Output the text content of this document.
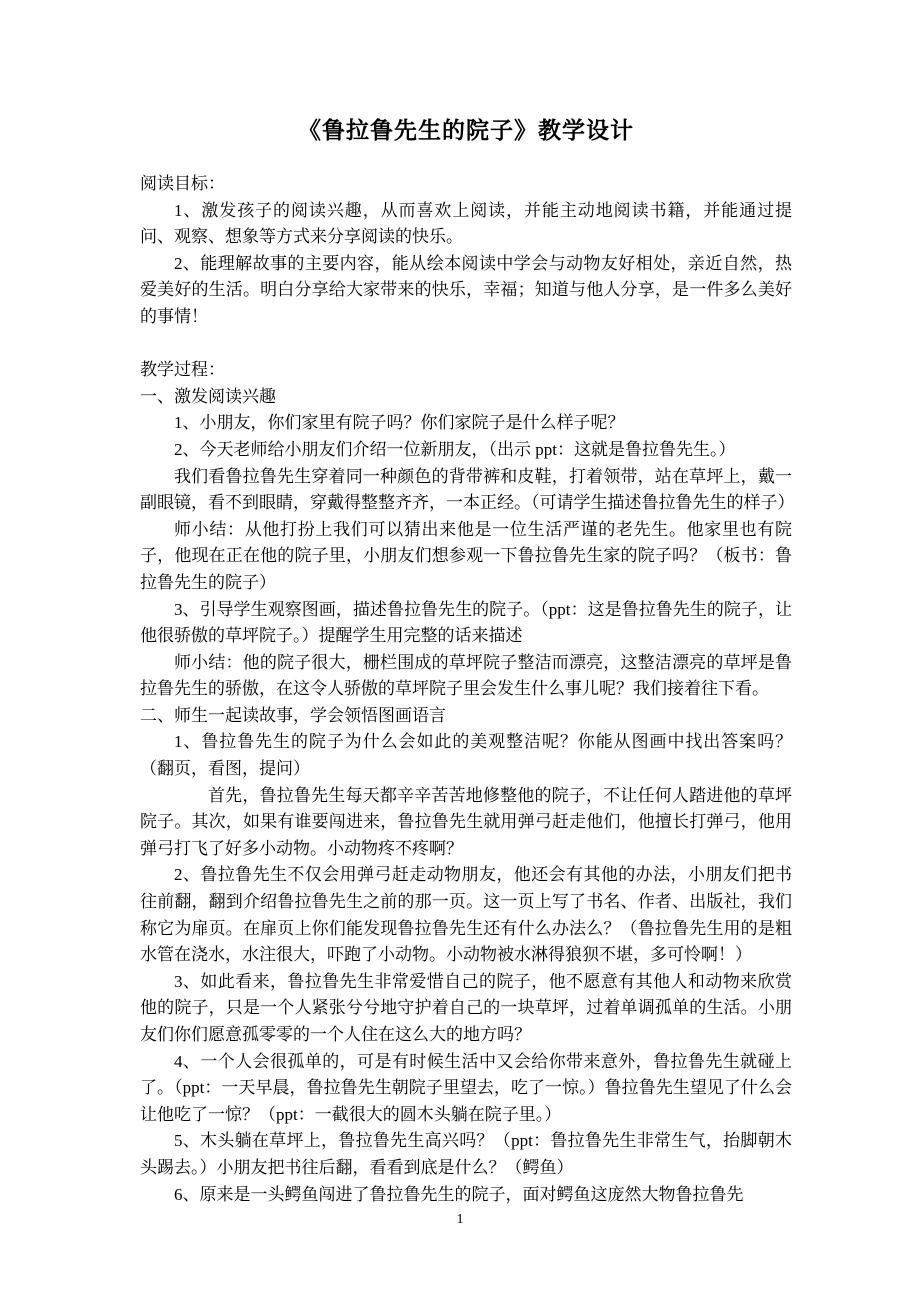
《鲁拉鲁先生的院子》教学设计

阅读目标：

1、激发孩子的阅读兴趣，从而喜欢上阅读，并能主动地阅读书籍，并能通过提问、观察、想象等方式来分享阅读的快乐。

2、能理解故事的主要内容，能从绘本阅读中学会与动物友好相处，亲近自然，热爱美好的生活。明白分享给大家带来的快乐，幸福；知道与他人分享，是一件多么美好的事情！

教学过程：

一、激发阅读兴趣

1、小朋友，你们家里有院子吗？你们家院子是什么样子呢？

2、今天老师给小朋友们介绍一位新朋友，（出示 ppt：这就是鲁拉鲁先生。）

我们看鲁拉鲁先生穿着同一种颜色的背带裤和皮鞋，打着领带，站在草坪上，戴一副眼镜，看不到眼睛，穿戴得整整齐齐，一本正经。（可请学生描述鲁拉鲁先生的样子）

师小结：从他打扮上我们可以猜出来他是一位生活严谨的老先生。他家里也有院子，他现在正在他的院子里，小朋友们想参观一下鲁拉鲁先生家的院子吗？（板书：鲁拉鲁先生的院子）

3、引导学生观察图画，描述鲁拉鲁先生的院子。（ppt：这是鲁拉鲁先生的院子，让他很骄傲的草坪院子。）提醒学生用完整的话来描述

师小结：他的院子很大，栅栏围成的草坪院子整洁而漂亮，这整洁漂亮的草坪是鲁拉鲁先生的骄傲，在这令人骄傲的草坪院子里会发生什么事儿呢？我们接着往下看。

二、师生一起读故事，学会领悟图画语言

1、鲁拉鲁先生的院子为什么会如此的美观整洁呢？你能从图画中找出答案吗？（翻页，看图，提问）

首先，鲁拉鲁先生每天都辛辛苦苦地修整他的院子，不让任何人踏进他的草坪院子。其次，如果有谁要闯进来，鲁拉鲁先生就用弹弓赶走他们，他擅长打弹弓，他用弹弓打飞了好多小动物。小动物疼不疼啊？

2、鲁拉鲁先生不仅会用弹弓赶走动物朋友，他还会有其他的办法，小朋友们把书往前翻，翻到介绍鲁拉鲁先生之前的那一页。这一页上写了书名、作者、出版社，我们称它为扉页。在扉页上你们能发现鲁拉鲁先生还有什么办法么？（鲁拉鲁先生用的是粗水管在浇水，水注很大，吓跑了小动物。小动物被水淋得狼狈不堪，多可怜啊！）

3、如此看来，鲁拉鲁先生非常爱惜自己的院子，他不愿意有其他人和动物来欣赏他的院子，只是一个人紧张兮兮地守护着自己的一块草坪，过着单调孤单的生活。小朋友们你们愿意孤零零的一个人住在这么大的地方吗？

4、一个人会很孤单的，可是有时候生活中又会给你带来意外，鲁拉鲁先生就碰上了。（ppt：一天早晨，鲁拉鲁先生朝院子里望去，吃了一惊。）鲁拉鲁先生望见了什么会让他吃了一惊？（ppt：一截很大的圆木头躺在院子里。）

5、木头躺在草坪上，鲁拉鲁先生高兴吗？（ppt：鲁拉鲁先生非常生气，抬脚朝木头踢去。）小朋友把书往后翻，看看到底是什么？（鳄鱼）

6、原来是一头鳄鱼闯进了鲁拉鲁先生的院子，面对鳄鱼这庞然大物鲁拉鲁先

1
